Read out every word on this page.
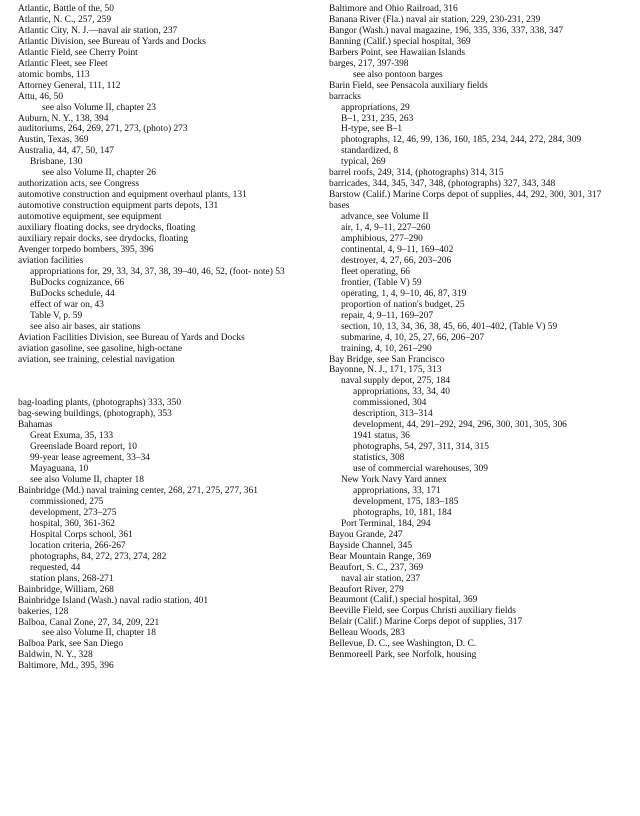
Atlantic, Battle of the, 50
Atlantic, N. C., 257, 259
Atlantic City, N. J.—naval air station, 237
Atlantic Division, see Bureau of Yards and Docks
Atlantic Field, see Cherry Point
Atlantic Fleet, see Fleet
atomic bombs, 113
Attorney General, 111, 112
Attu, 46, 50
see also Volume II, chapter 23
Auburn, N. Y., 138, 394
auditoriums, 264, 269, 271, 273, (photo) 273
Austin, Texas, 369
Australia, 44, 47, 50, 147
Brisbane, 130
see also Volume II, chapter 26
authorization acts, see Congress
automotive construction and equipment overhaul plants, 131
automotive construction equipment parts depots, 131
automotive equipment, see equipment
auxiliary floating docks, see drydocks, floating
auxiliary repair docks, see drydocks, floating
Avenger torpedo bombers, 395, 396
aviation facilities
appropriations for, 29, 33, 34, 37, 38, 39–40, 46, 52, (foot- note) 53
BuDocks cognizance, 66
BuDocks schedule, 44
effect of war on, 43
Table V, p. 59
see also air bases, air stations
Aviation Facilities Division, see Bureau of Yards and Docks
aviation gasoline, see gasoline, high-octane
aviation, see training, celestial navigation
bag-loading plants, (photographs) 333, 350
bag-sewing buildings, (photograph), 353
Bahamas
Great Exuma, 35, 133
Greenslade Board report, 10
99-year lease agreement, 33–34
Mayaguana, 10
see also Volume II, chapter 18
Bainbridge (Md.) naval training center, 268, 271, 275, 277, 361
commissioned, 275
development, 273–275
hospital, 360, 361-362
Hospital Corps school, 361
location criteria, 266-267
photographs, 84, 272, 273, 274, 282
requested, 44
station plans, 268-271
Bainbridge, William, 268
Bainbridge Island (Wash.) naval radio station, 401
bakeries, 128
Balboa, Canal Zone, 27, 34, 209, 221
see also Volume II, chapter 18
Balboa Park, see San Diego
Baldwin, N. Y., 328
Baltimore, Md., 395, 396
Baltimore and Ohio Railroad, 316
Banana River (Fla.) naval air station, 229, 230-231, 239
Bangor (Wash.) naval magazine, 196, 335, 336, 337, 338, 347
Banning (Calif.) special hospital, 369
Barbers Point, see Hawaiian Islands
barges, 217, 397-398
see also pontoon barges
Barin Field, see Pensacola auxiliary fields
barracks
appropriations, 29
B–1, 231, 235, 263
H-type, see B–1
photographs, 12, 46, 99, 136, 160, 185, 234, 244, 272, 284, 309
standardized, 8
typical, 269
barrel roofs, 249, 314, (photographs) 314, 315
barricades, 344, 345, 347, 348, (photographs) 327, 343, 348
Barstow (Calif.) Marine Corps depot of supplies, 44, 292, 300, 301, 317
bases
advance, see Volume II
air, 1, 4, 9–11, 227–260
amphibious, 277–290
continental, 4, 9–11, 169–402
destroyer, 4, 27, 66, 203–206
fleet operating, 66
frontier, (Table V) 59
operating, 1, 4, 9–10, 46, 87, 319
proportion of nation's budget, 25
repair, 4, 9–11, 169–207
section, 10, 13, 34, 36, 38, 45, 66, 401–402, (Table V) 59
submarine, 4, 10, 25, 27, 66, 206–207
training, 4, 10, 261–290
Bay Bridge, see San Francisco
Bayonne, N. J., 171, 175, 313
naval supply depot, 275, 184
appropriations, 33, 34, 40
commissioned, 304
description, 313–314
development, 44, 291–292, 294, 296, 300, 301, 305, 306
1941 status, 36
photographs, 54, 297, 311, 314, 315
statistics, 308
use of commercial warehouses, 309
New York Navy Yard annex
appropriations, 33, 171
development, 175, 183–185
photographs, 10, 181, 184
Port Terminal, 184, 294
Bayou Grande, 247
Bayside Channel, 345
Bear Mountain Range, 369
Beaufort, S. C., 237, 369
naval air station, 237
Beaufort River, 279
Beaumont (Calif.) special hospital, 369
Beeville Field, see Corpus Christi auxiliary fields
Belair (Calif.) Marine Corps depot of supplies, 317
Belleau Woods, 283
Bellevue, D. C., see Washington, D. C.
Benmoreell Park, see Norfolk, housing
